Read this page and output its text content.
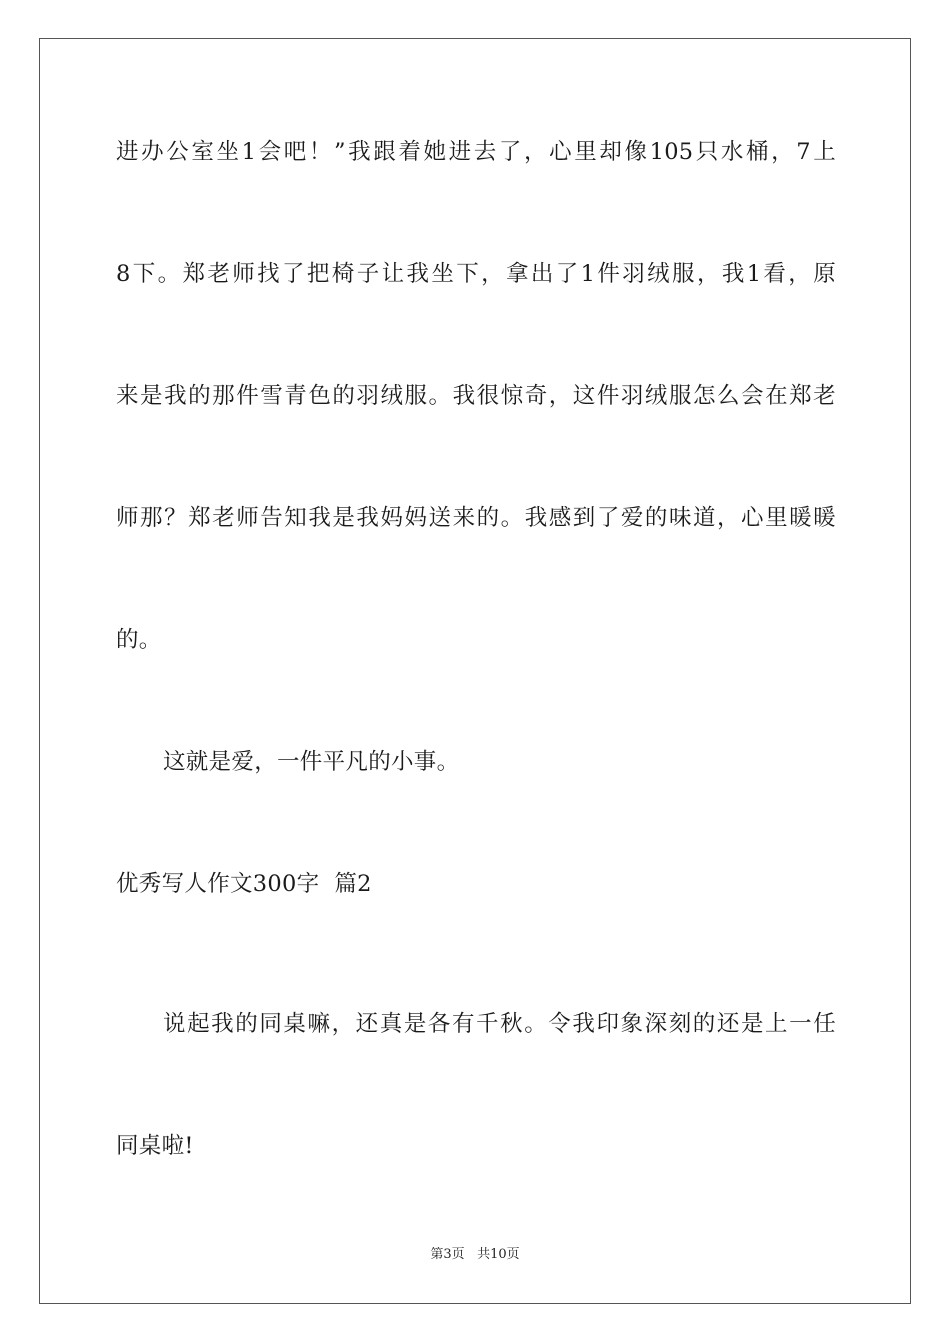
进办公室坐1会吧！”我跟着她进去了，心里却像105只水桶，7上
8下。郑老师找了把椅子让我坐下，拿出了1件羽绒服，我1看，原
来是我的那件雪青色的羽绒服。我很惊奇，这件羽绒服怎么会在郑老
师那？郑老师告知我是我妈妈送来的。我感到了爱的味道，心里暖暖
的。
这就是爱，一件平凡的小事。
优秀写人作文300字  篇2
说起我的同桌嘛，还真是各有千秋。令我印象深刻的还是上一任
同桌啦!
第3页 共10页
